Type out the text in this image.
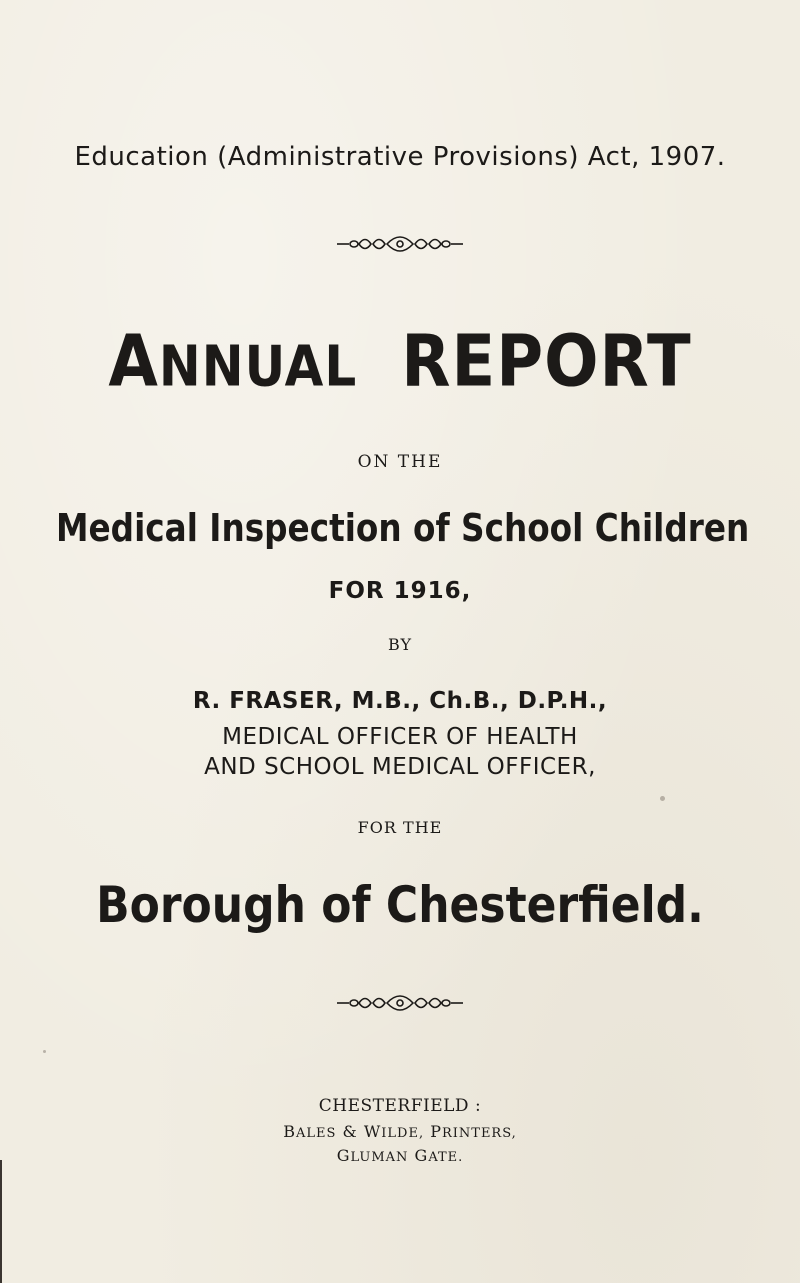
Education (Administrative Provisions) Act, 1907.
ANNUAL REPORT
ON THE
Medical Inspection of School Children
FOR 1916,
BY
R. FRASER, M.B., Ch.B., D.P.H.,
MEDICAL OFFICER OF HEALTH
AND SCHOOL MEDICAL OFFICER,
FOR THE
Borough of Chesterfield.
CHESTERFIELD :
BALES & WILDE, PRINTERS,
GLUMAN GATE.
